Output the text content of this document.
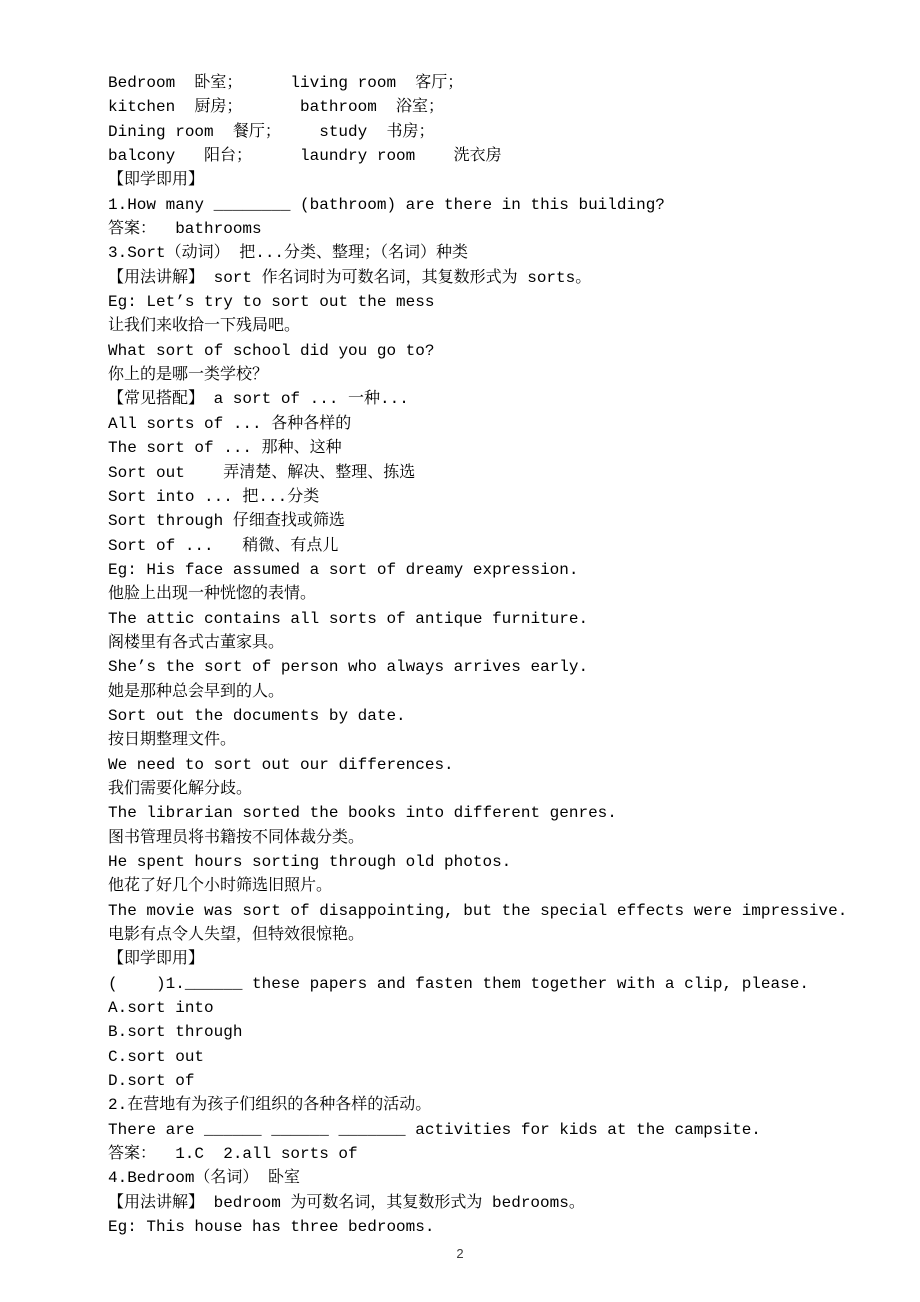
Bedroom  卧室；     living room  客厅；
kitchen  厨房；      bathroom  浴室；
Dining room  餐厅；    study  书房；
balcony   阳台；     laundry room    洗衣房
【即学即用】
1.How many ________ (bathroom) are there in this building?
答案：  bathrooms
3.Sort（动词） 把...分类、整理；（名词）种类
【用法讲解】 sort 作名词时为可数名词，其复数形式为 sorts。
Eg: Let’s try to sort out the mess
让我们来收拾一下残局吧。
What sort of school did you go to?
你上的是哪一类学校？
【常见搭配】 a sort of ... 一种...
All sorts of ... 各种各样的
The sort of ... 那种、这种
Sort out    弄清楚、解决、整理、拣选
Sort into ... 把...分类
Sort through 仔细查找或筛选
Sort of ...   稍微、有点儿
Eg: His face assumed a sort of dreamy expression.
他脸上出现一种恍惚的表情。
The attic contains all sorts of antique furniture.
阁楼里有各式古董家具。
She’s the sort of person who always arrives early.
她是那种总会早到的人。
Sort out the documents by date.
按日期整理文件。
We need to sort out our differences.
我们需要化解分歧。
The librarian sorted the books into different genres.
图书管理员将书籍按不同体裁分类。
He spent hours sorting through old photos.
他花了好几个小时筛选旧照片。
The movie was sort of disappointing, but the special effects were impressive.
电影有点令人失望，但特效很惊艳。
【即学即用】
(    )1.______ these papers and fasten them together with a clip, please.
A.sort into
B.sort through
C.sort out
D.sort of
2.在营地有为孩子们组织的各种各样的活动。
There are ______ ______ _______ activities for kids at the campsite.
答案：  1.C  2.all sorts of
4.Bedroom（名词） 卧室
【用法讲解】 bedroom 为可数名词，其复数形式为 bedrooms。
Eg: This house has three bedrooms.
2
